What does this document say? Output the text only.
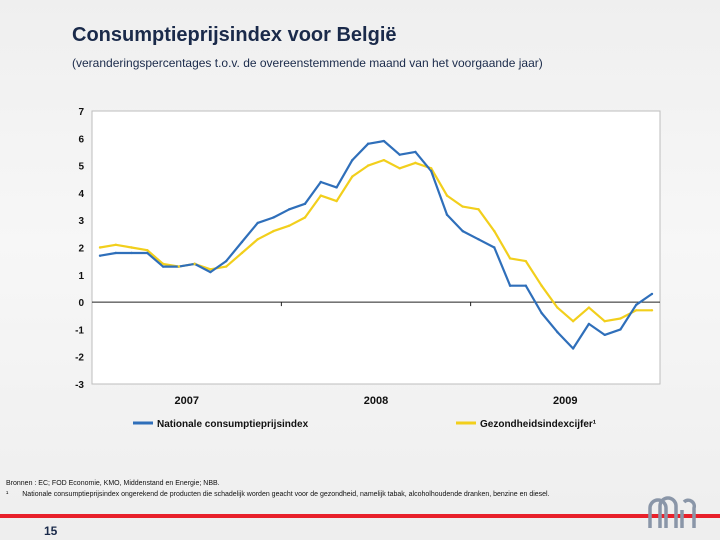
Consumptieprijsindex voor België

(veranderingspercentages t.o.v. de overeenstemmende maand van het voorgaande jaar)

7
6
5
4
3
2
1
0
-1
-2
-3
2007	2008	2009
Nationale consumptieprijsindex	Gezondheidsindexcijfer¹
Bronnen : EC; FOD Economie, KMO, Middenstand en Energie; NBB.
¹ Nationale consumptieprijsindex ongerekend de producten die schadelijk worden geacht voor de gezondheid, namelijk tabak, alcoholhoudende dranken, benzine en diesel.
15
